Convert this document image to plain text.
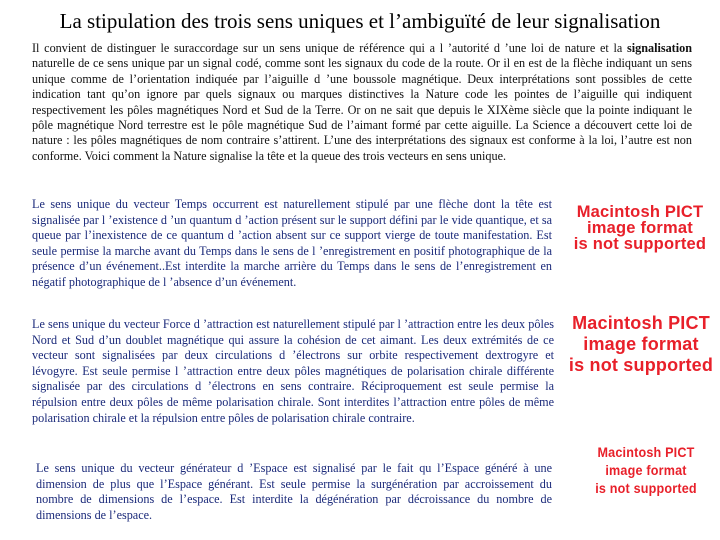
La stipulation des trois sens uniques et l’ambiguïté de leur signalisation
Il convient de distinguer le suraccordage sur un sens unique de référence qui a l ’autorité d ’une loi de nature et la signalisation naturelle de ce sens unique par un signal codé, comme sont les signaux du code de la route. Or il en est de la flèche indiquant un sens unique comme de l’orientation indiquée par l’aiguille d ’une boussole magnétique. Deux interprétations sont possibles de cette indication tant qu’on ignore par quels signaux ou marques distinctives la Nature code les pointes de l’aiguille qui indiquent respectivement les pôles magnétiques Nord et Sud de la Terre. Or on ne sait que depuis le XIXème siècle que la pointe indiquant le pôle magnétique Nord terrestre est le pôle magnétique Sud de l’aimant formé par cette aiguille. La Science a découvert cette loi de nature : les pôles magnétiques de nom contraire s’attirent. L’une des interprétations des signaux est conforme à la loi, l’autre est non conforme. Voici comment la Nature signalise la tête et la queue des trois vecteurs en sens unique.
Le sens unique du vecteur Temps occurrent est naturellement stipulé par une flèche dont la tête est signalisée par l ’existence d ’un quantum d ’action présent sur le support défini par le vide quantique, et sa queue par l’inexistence de ce quantum d ’action absent sur ce support vierge de toute manifestation. Est seule permise la marche avant du Temps dans le sens de l ’enregistrement en positif photographique de la présence d’un événement..Est interdite la marche arrière du Temps dans le sens de l’enregistrement en négatif photographique de l ’absence d’un événement.
Le sens unique du vecteur Force d ’attraction est naturellement stipulé par l ’attraction entre les deux pôles Nord et Sud d’un doublet magnétique qui assure la cohésion de cet aimant. Les deux extrémités de ce vecteur sont signalisées par deux circulations d ’électrons sur orbite respectivement dextrogyre et lévogyre. Est seule permise l ’attraction entre deux pôles magnétiques de polarisation chirale différente signalisée par des circulations d ’électrons en sens contraire. Réciproquement est seule permise la répulsion entre deux pôles de même polarisation chirale. Sont interdites l’attraction entre pôles de même polarisation chirale et la répulsion entre pôles de polarisation chirale contraire.
Le sens unique du vecteur générateur d ’Espace est signalisé par le fait qu l’Espace généré à une dimension de plus que l’Espace générant. Est seule permise la surgénération par accroissement du nombre de dimensions de l’espace. Est interdite la dégénération par décroissance du nombre de dimensions de l’espace.
Macintosh PICT
image format
is not supported
Macintosh PICT
image format
is not supported
Macintosh PICT
image format
is not supported
